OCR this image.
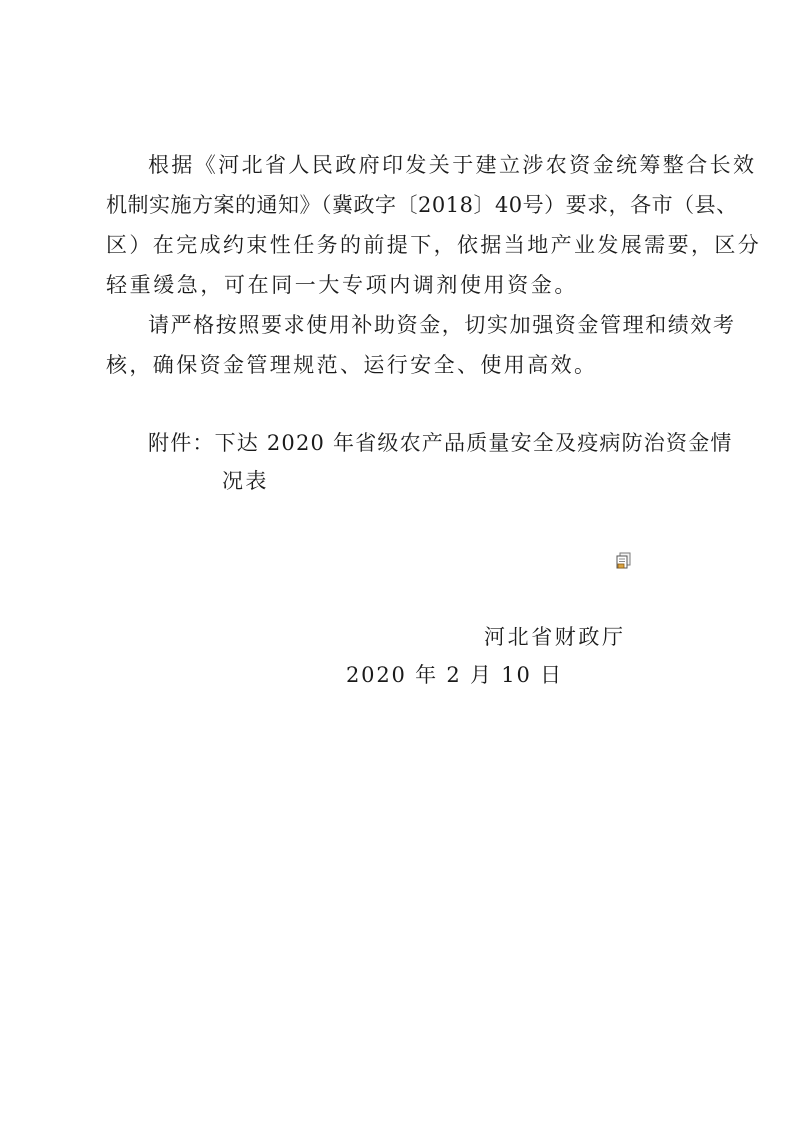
根据《河北省人民政府印发关于建立涉农资金统筹整合长效
机制实施方案的通知》（冀政字〔2018〕40号）要求，各市（县、
区）在完成约束性任务的前提下，依据当地产业发展需要，区分
轻重缓急，可在同一大专项内调剂使用资金。
请严格按照要求使用补助资金，切实加强资金管理和绩效考
核，确保资金管理规范、运行安全、使用高效。
附件：下达 2020 年省级农产品质量安全及疫病防治资金情
况表
河北省财政厅
2020 年 2 月 10 日
